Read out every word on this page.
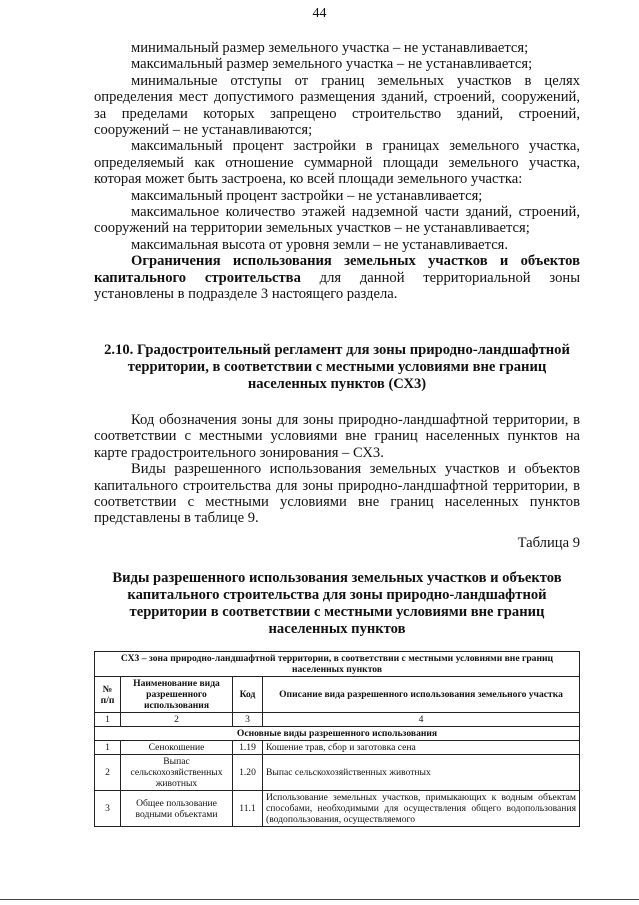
44

минимальный размер земельного участка – не устанавливается;

максимальный размер земельного участка – не устанавливается;

минимальные отступы от границ земельных участков в целях определения мест допустимого размещения зданий, строений, сооружений, за пределами которых запрещено строительство зданий, строений, сооружений – не устанавливаются;

максимальный процент застройки в границах земельного участка, определяемый как отношение суммарной площади земельного участка, которая может быть застроена, ко всей площади земельного участка:

максимальный процент застройки – не устанавливается;

максимальное количество этажей надземной части зданий, строений, сооружений на территории земельных участков – не устанавливается;

максимальная высота от уровня земли – не устанавливается.

Ограничения использования земельных участков и объектов капитального строительства для данной территориальной зоны установлены в подразделе 3 настоящего раздела.

2.10. Градостроительный регламент для зоны природно-ландшафтной территории, в соответствии с местными условиями вне границ населенных пунктов (СХ3)

Код обозначения зоны для зоны природно-ландшафтной территории, в соответствии с местными условиями вне границ населенных пунктов на карте градостроительного зонирования – СХ3.

Виды разрешенного использования земельных участков и объектов капитального строительства для зоны природно-ландшафтной территории, в соответствии с местными условиями вне границ населенных пунктов представлены в таблице 9.

Таблица 9

Виды разрешенного использования земельных участков и объектов капитального строительства для зоны природно-ландшафтной территории в соответствии с местными условиями вне границ населенных пунктов

СХ3 – зона природно-ландшафтной территории, в соответствии с местными условиями вне границ населенных пунктов			
№ п/п	Наименование вида разрешенного использования	Код	Описание вида разрешенного использования земельного участка
1	2	3	4
Основные виды разрешенного использования			
1	Сенокошение	1.19	Кошение трав, сбор и заготовка сена
2	Выпас сельскохозяйственных животных	1.20	Выпас сельскохозяйственных животных
3	Общее пользование водными объектами	11.1	Использование земельных участков, примыкающих к водным объектам способами, необходимыми для осуществления общего водопользования (водопользования, осуществляемого
